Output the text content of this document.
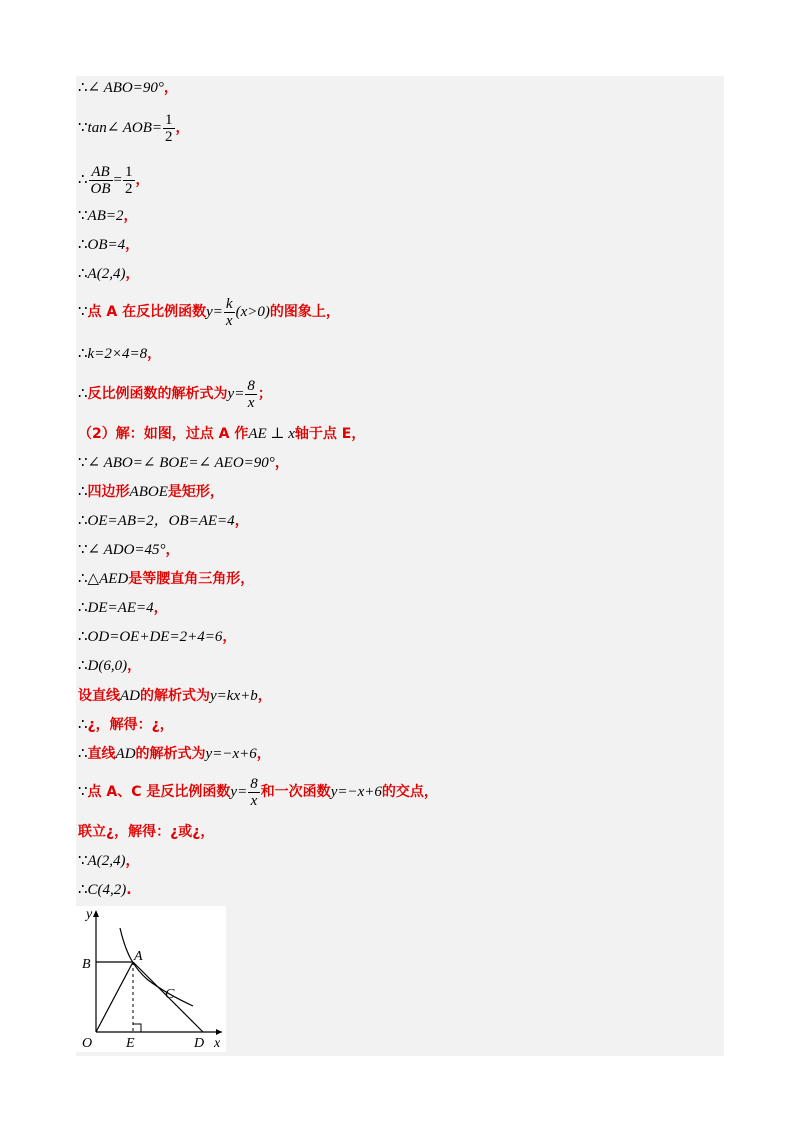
∴∠ ABO=90°，
∵tan∠ $AOB= \frac{1}{2}$ ，
∴ $\frac{AB}{OB} = \frac{1}{2}$ ，
∵AB=2，
∴OB=4，
∴A(2,4)，
∵点 A 在反比例函数$y= \frac{k}{x} (x>0)$的图象上，
∴k=2×4=8，
∴反比例函数的解析式为$y= \frac{8}{x}$ ；
（2）解：如图，过点 A 作AE ⊥ x轴于点 E，
∵∠ ABO=∠ BOE=∠ AEO=90°，
∴四边形ABOE是矩形，
∴OE=AB=2，OB=AE=4，
∵∠ ADO=45°，
∴△AED是等腰直角三角形，
∴DE=AE=4，
∴OD=OE+DE=2+4=6，
∴D(6,0)，
设直线AD的解析式为y=kx+b，
∴¿，解得：¿，
∴直线AD的解析式为y=−x+6，
∵点 A、C 是反比例函数$y= \frac{8}{x}$ 和一次函数y=−x+6的交点，
联立¿，解得：¿或¿，
∵A(2,4)，
∴C(4,2).
y
x
B
A
C
O E	D
